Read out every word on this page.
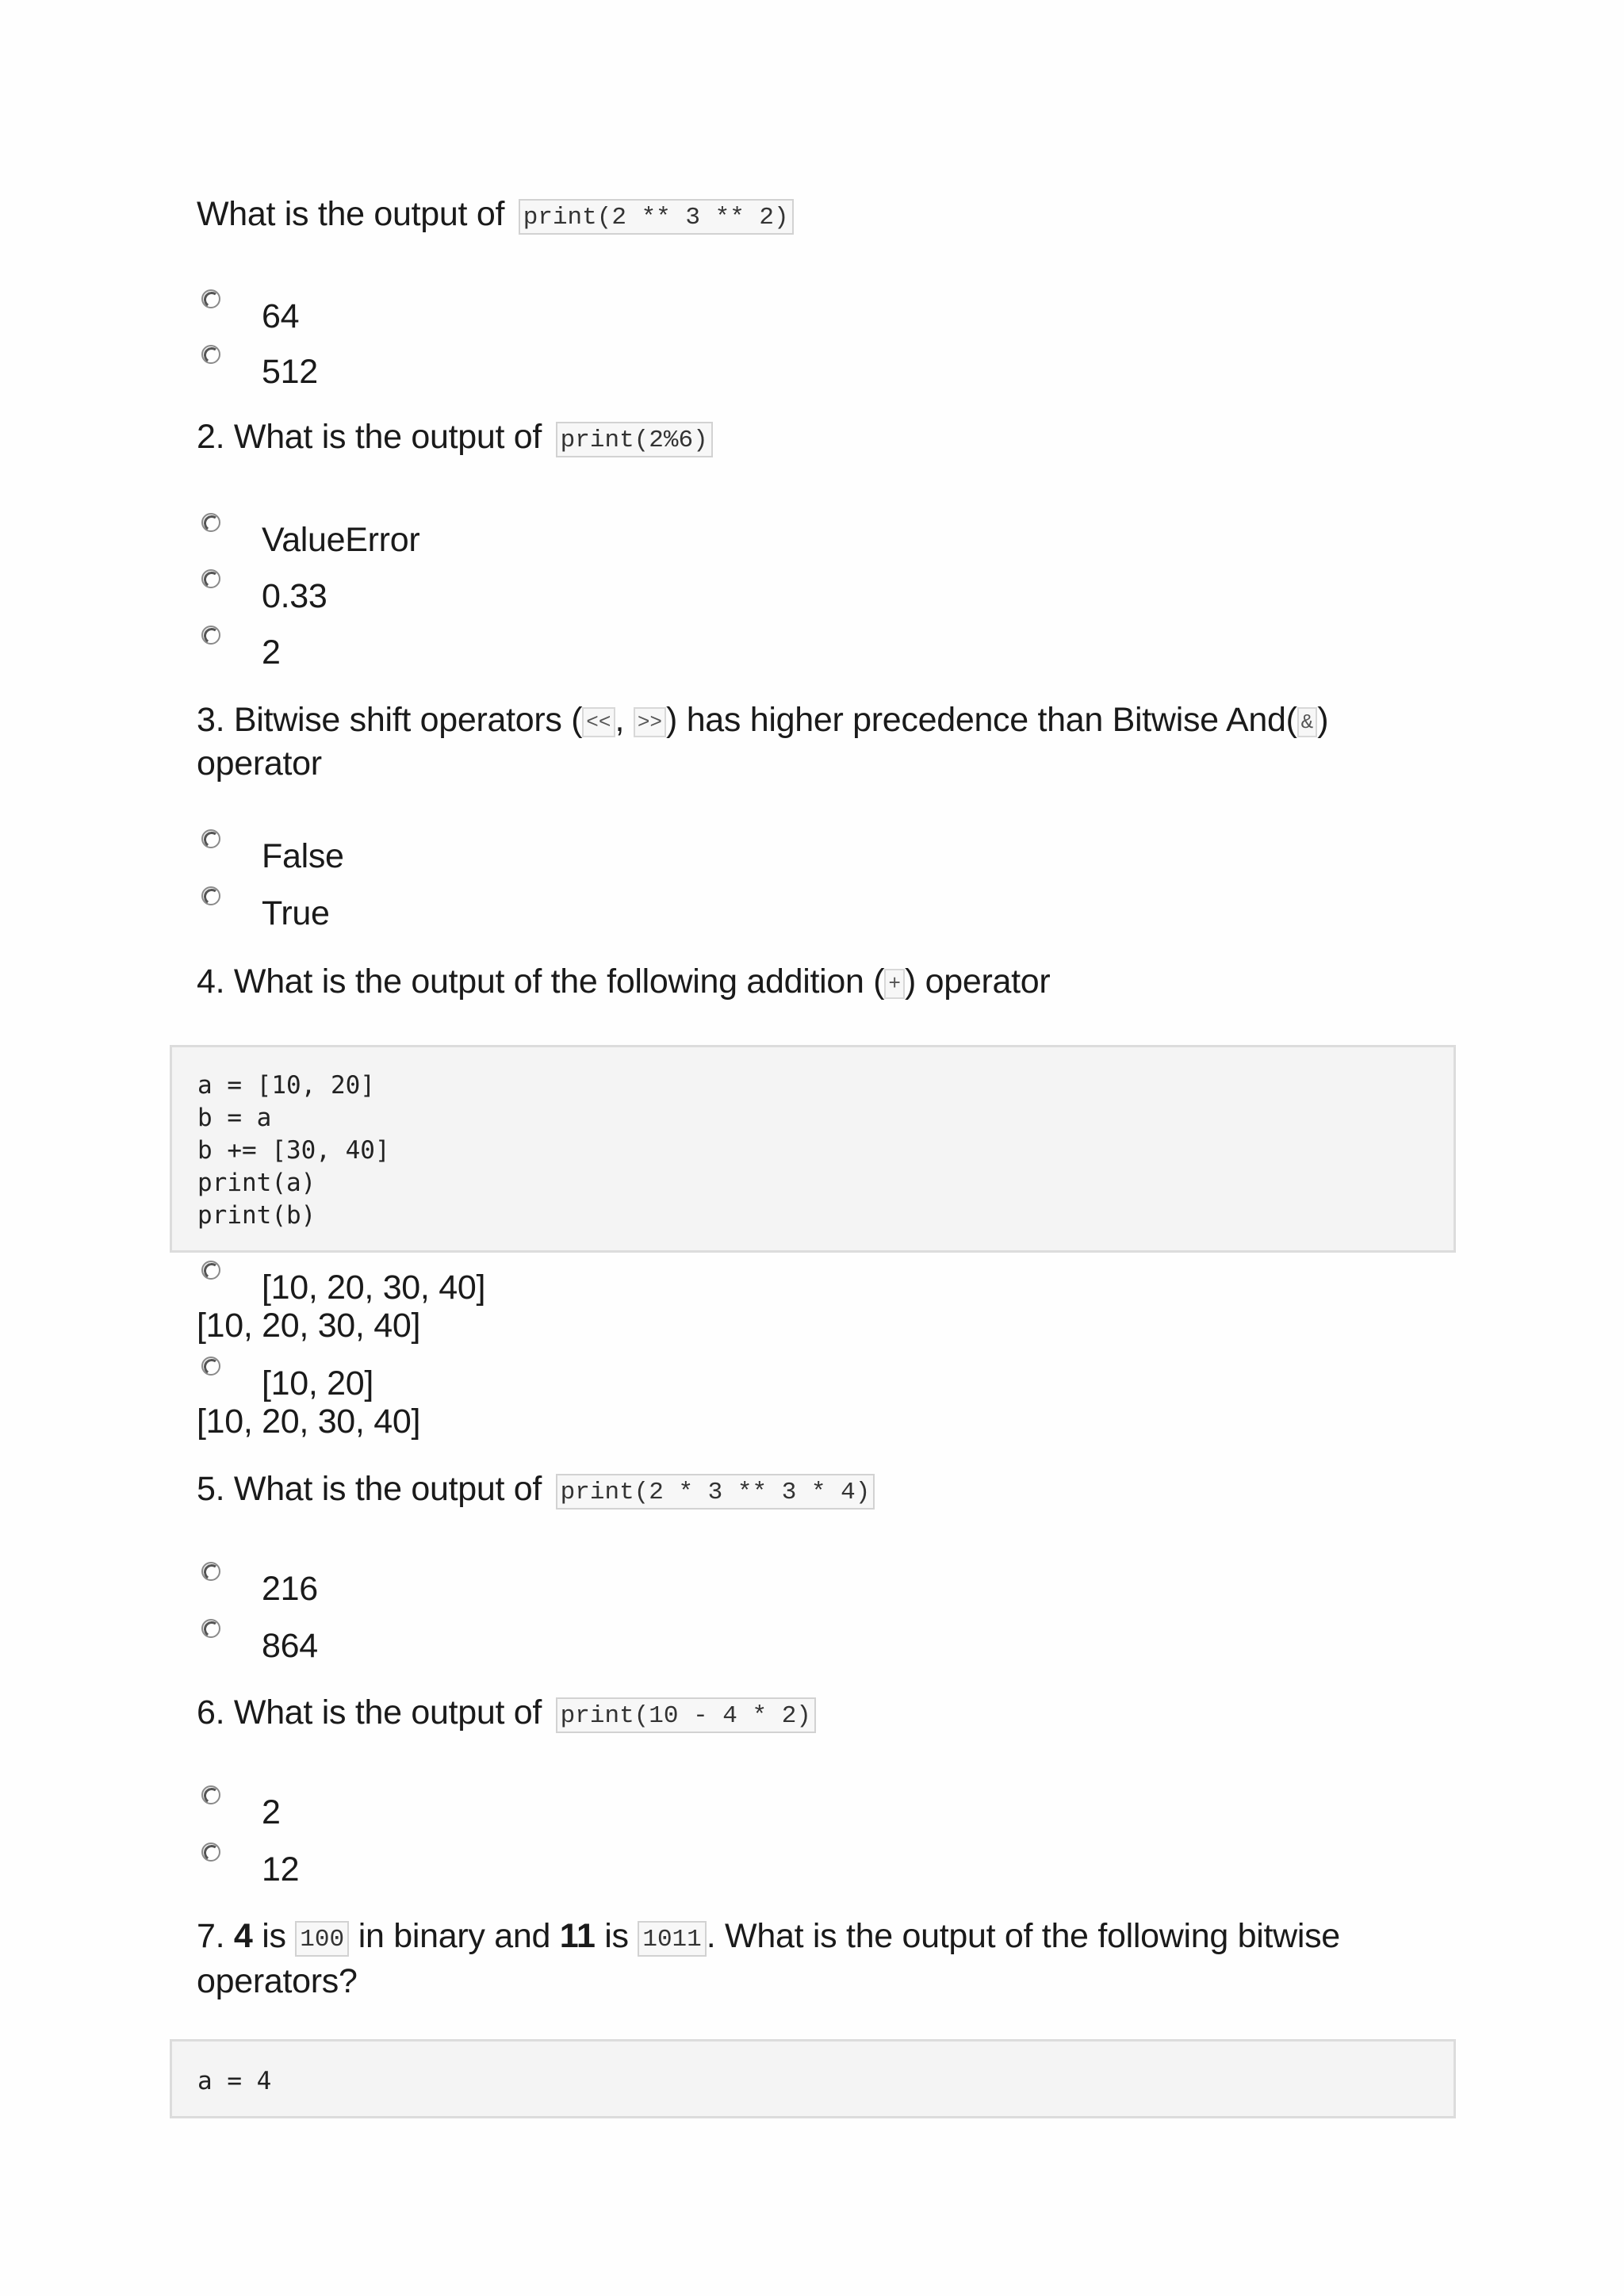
What is the output of print(2 ** 3 ** 2)
64
512
2. What is the output of print(2%6)
ValueError
0.33
2
3. Bitwise shift operators ( << , >> ) has higher precedence than Bitwise And( & )
operator
False
True
4. What is the output of the following addition ( + ) operator
a = [10, 20]
b = a
b += [30, 40]
print(a)
print(b)
[10, 20, 30, 40]
[10, 20, 30, 40]
[10, 20]
[10, 20, 30, 40]
5. What is the output of print(2 * 3 ** 3 * 4)
216
864
6. What is the output of print(10 - 4 * 2)
2
12
7. 4 is 100 in binary and 11 is 1011 . What is the output of the following bitwise
operators?
a = 4
